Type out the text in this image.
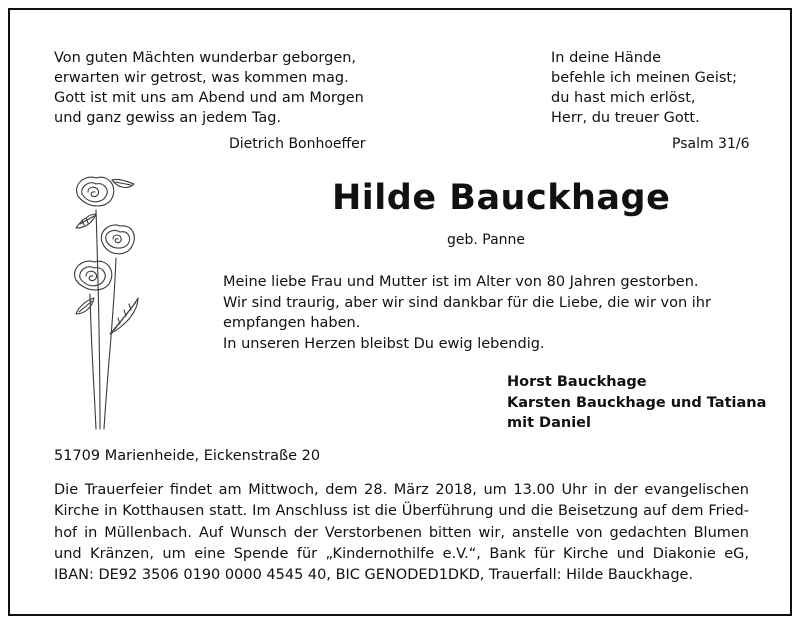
Von guten Mächten wunderbar geborgen,
erwarten wir getrost, was kommen mag.
Gott ist mit uns am Abend und am Morgen
und ganz gewiss an jedem Tag.
Dietrich Bonhoeffer
In deine Hände
befehle ich meinen Geist;
du hast mich erlöst,
Herr, du treuer Gott.
Psalm 31/6
Hilde Bauckhage
geb. Panne
Meine liebe Frau und Mutter ist im Alter von 80 Jahren gestorben.
Wir sind traurig, aber wir sind dankbar für die Liebe, die wir von ihr
empfangen haben.
In unseren Herzen bleibst Du ewig lebendig.
Horst Bauckhage
Karsten Bauckhage und Tatiana
mit Daniel
51709 Marienheide, Eickenstraße 20
Die Trauerfeier findet am Mittwoch, dem 28. März 2018, um 13.00 Uhr in der evangelischen
Kirche in Kotthausen statt. Im Anschluss ist die Überführung und die Beisetzung auf dem Fried-
hof in Müllenbach. Auf Wunsch der Verstorbenen bitten wir, anstelle von gedachten Blumen
und Kränzen, um eine Spende für „Kindernothilfe e.V.“, Bank für Kirche und Diakonie eG,
IBAN: DE92 3506 0190 0000 4545 40, BIC GENODED1DKD, Trauerfall: Hilde Bauckhage.
